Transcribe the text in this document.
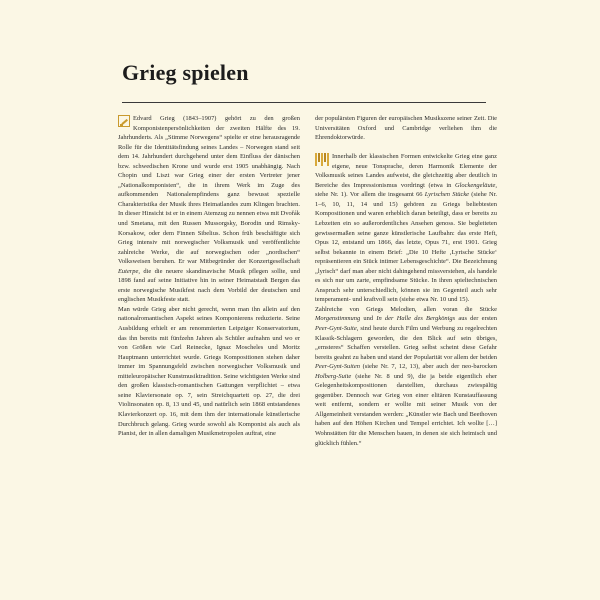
Grieg spielen

Edvard Grieg (1843–1907) gehört zu den großen Komponistenpersönlichkeiten der zweiten Hälfte des 19. Jahrhunderts. Als „Stimme Norwegens“ spielte er eine herausragende Rolle für die Identitätsfindung seines Landes – Norwegen stand seit dem 14. Jahrhundert durchgehend unter dem Einfluss der dänischen bzw. schwedischen Krone und wurde erst 1905 unabhängig. Nach Chopin und Liszt war Grieg einer der ersten Vertreter jener „Nationalkomponisten“, die in ihrem Werk im Zuge des aufkommenden Nationalempfindens ganz bewusst spezielle Charakteristika der Musik ihres Heimatlandes zum Klingen brachten. In dieser Hinsicht ist er in einem Atemzug zu nennen etwa mit Dvořák und Smetana, mit den Russen Mussorgsky, Borodin und Rimsky-Korsakow, oder dem Finnen Sibelius. Schon früh beschäftigte sich Grieg intensiv mit norwegischer Volksmusik und veröffentlichte zahlreiche Werke, die auf norwegischen oder „nordischen“ Volksweisen beruhen. Er war Mitbegründer der Konzertgesellschaft Euterpe, die die neuere skandinavische Musik pflegen sollte, und 1898 fand auf seine Initiative hin in seiner Heimatstadt Bergen das erste norwegische Musikfest nach dem Vorbild der deutschen und englischen Musikfeste statt.

Man würde Grieg aber nicht gerecht, wenn man ihn allein auf den nationalromantischen Aspekt seines Komponierens reduzierte. Seine Ausbildung erhielt er am renommierten Leipziger Konservatorium, das ihn bereits mit fünfzehn Jahren als Schüler aufnahm und wo er von Größen wie Carl Reinecke, Ignaz Moscheles und Moritz Hauptmann unterrichtet wurde. Griegs Kompositionen stehen daher immer im Spannungsfeld zwischen norwegischer Volksmusik und mitteleuropäischer Kunstmusiktradition. Seine wichtigsten Werke sind den großen klassisch-romantischen Gattungen verpflichtet – etwa seine Klaviersonate op. 7, sein Streichquartett op. 27, die drei Violinsonaten op. 8, 13 und 45, und natürlich sein 1868 entstandenes Klavierkonzert op. 16, mit dem ihm der internationale künstlerische Durchbruch gelang. Grieg wurde sowohl als Komponist als auch als Pianist, der in allen damaligen Musikmetropolen auftrat, eine

der populärsten Figuren der europäischen Musikszene seiner Zeit. Die Universitäten Oxford und Cambridge verliehen ihm die Ehrendoktorwürde.

Innerhalb der klassischen Formen entwickelte Grieg eine ganz eigene, neue Tonsprache, deren Harmonik Elemente der Volksmusik seines Landes aufweist, die gleichzeitig aber deutlich in Bereiche des Impressionismus vordringt (etwa in Glockengeläute, siehe Nr. 1). Vor allem die insgesamt 66 Lyrischen Stücke (siehe Nr. 1–6, 10, 11, 14 und 15) gehören zu Griegs beliebtesten Kompositionen und waren erheblich daran beteiligt, dass er bereits zu Lebzeiten ein so außerordentliches Ansehen genoss. Sie begleiteten gewissermaßen seine ganze künstlerische Laufbahn: das erste Heft, Opus 12, entstand um 1866, das letzte, Opus 71, erst 1901. Grieg selbst bekannte in einem Brief: „Die 10 Hefte ‚Lyrische Stücke‘ repräsentieren ein Stück intimer Lebensgeschichte“. Die Bezeichnung „lyrisch“ darf man aber nicht dahingehend missverstehen, als handele es sich nur um zarte, empfindsame Stücke. In ihren spieltechnischen Anspruch sehr unterschiedlich, können sie im Gegenteil auch sehr temperament- und kraftvoll sein (siehe etwa Nr. 10 und 15).

Zahlreiche von Griegs Melodien, allen voran die Stücke Morgenstimmung und In der Halle des Bergkönigs aus der ersten Peer-Gynt-Suite, sind heute durch Film und Werbung zu regelrechten Klassik-Schlagern geworden, die den Blick auf sein übriges, „ernsteres“ Schaffen verstellen. Grieg selbst scheint diese Gefahr bereits geahnt zu haben und stand der Popularität vor allem der beiden Peer-Gynt-Suiten (siehe Nr. 7, 12, 13), aber auch der neo-barocken Holberg-Suite (siehe Nr. 8 und 9), die ja beide eigentlich eher Gelegenheitskompositionen darstellten, durchaus zwiespältig gegenüber. Dennoch war Grieg von einer elitären Kunstauffassung weit entfernt, sondern er wollte mit seiner Musik von der Allgemeinheit verstanden werden: „Künstler wie Bach und Beethoven haben auf den Höhen Kirchen und Tempel errichtet. Ich wollte […] Wohnstätten für die Menschen bauen, in denen sie sich heimisch und glücklich fühlen.“
